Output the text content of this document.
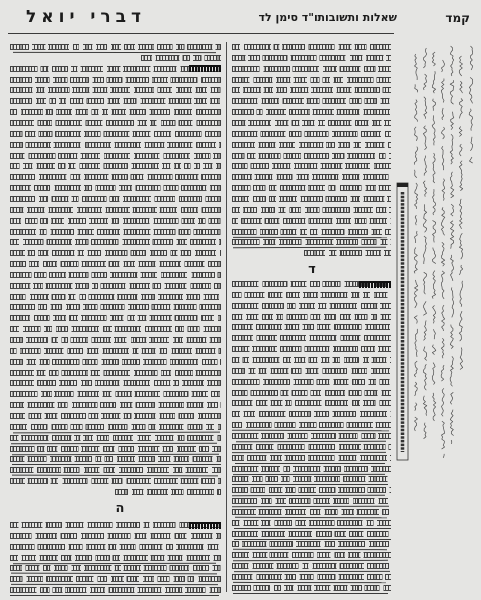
קמד
שאלות ותשובות
יו"ד סימן לד
דברי יואל
ד
ה
